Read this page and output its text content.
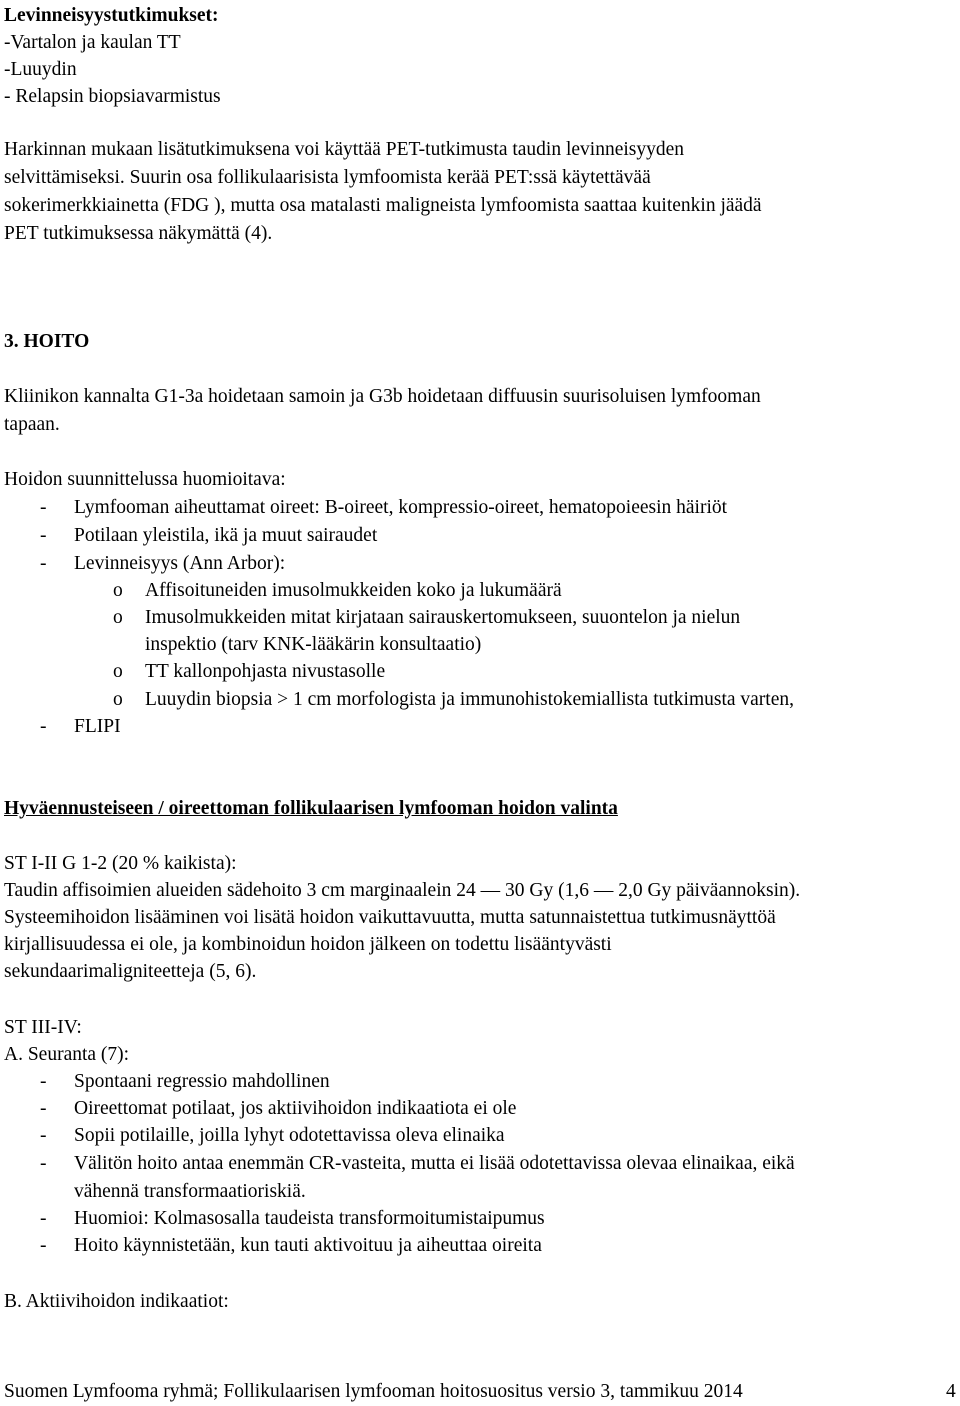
Levinneisyystutkimukset:
-Vartalon ja kaulan TT
-Luuydin
- Relapsin biopsiavarmistus
Harkinnan mukaan lisätutkimuksena voi käyttää PET-tutkimusta taudin levinneisyyden
selvittämiseksi. Suurin osa follikulaarisista lymfoomista kerää PET:ssä käytettävää
sokerimerkkiainetta (FDG ), mutta osa matalasti maligneista lymfoomista saattaa kuitenkin jäädä
PET tutkimuksessa näkymättä (4).
3. HOITO
Kliinikon kannalta G1-3a hoidetaan samoin ja G3b hoidetaan diffuusin suurisoluisen lymfooman
tapaan.
Hoidon suunnittelussa huomioitava:
- Lymfooman aiheuttamat oireet: B-oireet, kompressio-oireet, hematopoieesin häiriöt
- Potilaan yleistila, ikä ja muut sairaudet
- Levinneisyys (Ann Arbor):
o Affisoituneiden imusolmukkeiden koko ja lukumäärä
o Imusolmukkeiden mitat kirjataan sairauskertomukseen, suuontelon ja nielun
inspektio (tarv KNK-lääkärin konsultaatio)
o TT kallonpohjasta nivustasolle
o Luuydin biopsia > 1 cm morfologista ja immunohistokemiallista tutkimusta varten,
- FLIPI
Hyväennusteiseen / oireettoman follikulaarisen lymfooman hoidon valinta
ST I-II G 1-2 (20 % kaikista):
Taudin affisoimien alueiden sädehoito 3 cm marginaalein 24 — 30 Gy (1,6 — 2,0 Gy päiväannoksin).
Systeemihoidon lisääminen voi lisätä hoidon vaikuttavuutta, mutta satunnaistettua tutkimusnäyttöä
kirjallisuudessa ei ole, ja kombinoidun hoidon jälkeen on todettu lisääntyvästi
sekundaarimaligniteetteja (5, 6).
ST III-IV:
A. Seuranta (7):
- Spontaani regressio mahdollinen
- Oireettomat potilaat, jos aktiivihoidon indikaatiota ei ole
- Sopii potilaille, joilla lyhyt odotettavissa oleva elinaika
- Välitön hoito antaa enemmän CR-vasteita, mutta ei lisää odotettavissa olevaa elinaikaa, eikä
vähennä transformaatioriskiä.
- Huomioi: Kolmasosalla taudeista transformoitumistaipumus
- Hoito käynnistetään, kun tauti aktivoituu ja aiheuttaa oireita
B. Aktiivihoidon indikaatiot:
Suomen Lymfooma ryhmä; Follikulaarisen lymfooman hoitosuositus versio 3, tammikuu 2014	4
